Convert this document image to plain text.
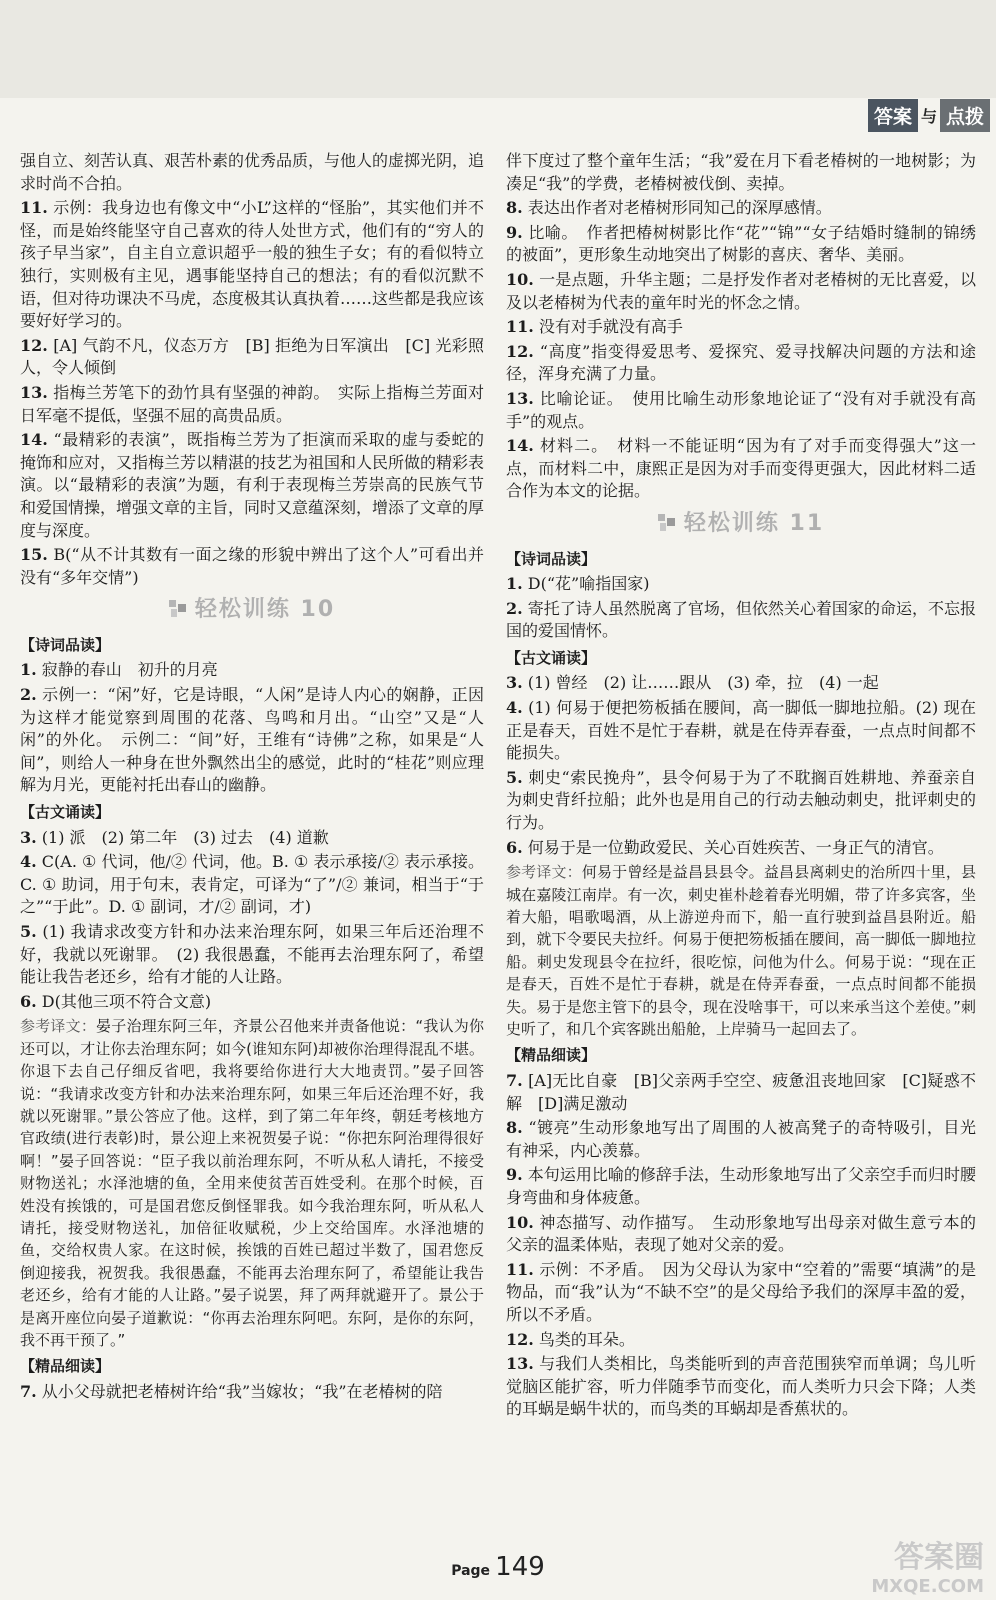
答案 与 点拨

强自立、刻苦认真、艰苦朴素的优秀品质，与他人的虚掷光阴，追求时尚不合拍。

11. 示例：我身边也有像文中“小L”这样的“怪胎”，其实他们并不怪，而是始终能坚守自己喜欢的待人处世方式，他们有的“穷人的孩子早当家”，自主自立意识超乎一般的独生子女；有的看似特立独行，实则极有主见，遇事能坚持自己的想法；有的看似沉默不语，但对待功课决不马虎，态度极其认真执着……这些都是我应该要好好学习的。

12. [A] 气韵不凡，仪态万方　[B] 拒绝为日军演出　[C] 光彩照人，令人倾倒

13. 指梅兰芳笔下的劲竹具有坚强的神韵。　实际上指梅兰芳面对日军毫不提低，坚强不屈的高贵品质。

14. “最精彩的表演”，既指梅兰芳为了拒演而采取的虚与委蛇的掩饰和应对，又指梅兰芳以精湛的技艺为祖国和人民所做的精彩表演。以“最精彩的表演”为题，有利于表现梅兰芳崇高的民族气节和爱国情操，增强文章的主旨，同时又意蕴深刻，增添了文章的厚度与深度。

15. B(“从不计其数有一面之缘的形貌中辨出了这个人”可看出并没有“多年交情”)

轻松训练 10
【诗词品读】

1. 寂静的春山　初升的月亮

2. 示例一：“闲”好，它是诗眼，“人闲”是诗人内心的娴静，正因为这样才能觉察到周围的花落、鸟鸣和月出。“山空”又是“人闲”的外化。　示例二：“间”好，王维有“诗佛”之称，如果是“人间”，则给人一种身在世外飘然出尘的感觉，此时的“桂花”则应理解为月光，更能衬托出春山的幽静。

【古文诵读】

3. (1) 派　(2) 第二年　(3) 过去　(4) 道歉

4. C(A. ① 代词，他/② 代词，他。B. ① 表示承接/② 表示承接。C. ① 助词，用于句末，表肯定，可译为“了”/② 兼词，相当于“于之”“于此”。D. ① 副词，才/② 副词，才)

5. (1) 我请求改变方针和办法来治理东阿，如果三年后还治理不好，我就以死谢罪。　(2) 我很愚蠢，不能再去治理东阿了，希望能让我告老还乡，给有才能的人让路。

6. D(其他三项不符合文意)

参考译文：晏子治理东阿三年，齐景公召他来并责备他说：“我认为你还可以，才让你去治理东阿；如今(谁知东阿)却被你治理得混乱不堪。你退下去自己仔细反省吧，我将要给你进行大大地责罚。”晏子回答说：“我请求改变方针和办法来治理东阿，如果三年后还治理不好，我就以死谢罪。”景公答应了他。这样，到了第二年年终，朝廷考核地方官政绩(进行表彰)时，景公迎上来祝贺晏子说：“你把东阿治理得很好啊！”晏子回答说：“臣子我以前治理东阿，不听从私人请托，不接受财物送礼；水泽池塘的鱼，全用来使贫苦百姓受利。在那个时候，百姓没有挨饿的，可是国君您反倒怪罪我。如今我治理东阿，听从私人请托，接受财物送礼，加倍征收赋税，少上交给国库。水泽池塘的鱼，交给权贵人家。在这时候，挨饿的百姓已超过半数了，国君您反倒迎接我，祝贺我。我很愚蠢，不能再去治理东阿了，希望能让我告老还乡，给有才能的人让路。”晏子说罢，拜了两拜就避开了。景公于是离开座位向晏子道歉说：“你再去治理东阿吧。东阿，是你的东阿，我不再干预了。”

【精品细读】

7. 从小父母就把老椿树许给“我”当嫁妆；“我”在老椿树的陪

伴下度过了整个童年生活；“我”爱在月下看老椿树的一地树影；为凑足“我”的学费，老椿树被伐倒、卖掉。

8. 表达出作者对老椿树形同知己的深厚感情。

9. 比喻。　作者把椿树树影比作“花”“锦”“女子结婚时缝制的锦绣的被面”，更形象生动地突出了树影的喜庆、奢华、美丽。

10. 一是点题，升华主题；二是抒发作者对老椿树的无比喜爱，以及以老椿树为代表的童年时光的怀念之情。

11. 没有对手就没有高手

12. “高度”指变得爱思考、爱探究、爱寻找解决问题的方法和途径，浑身充满了力量。

13. 比喻论证。　使用比喻生动形象地论证了“没有对手就没有高手”的观点。

14. 材料二。　材料一不能证明“因为有了对手而变得强大”这一点，而材料二中，康熙正是因为对手而变得更强大，因此材料二适合作为本文的论据。

轻松训练 11
【诗词品读】

1. D(“花”喻指国家)

2. 寄托了诗人虽然脱离了官场，但依然关心着国家的命运，不忘报国的爱国情怀。

【古文诵读】

3. (1) 曾经　(2) 让……跟从　(3) 牵，拉　(4) 一起

4. (1) 何易于便把笏板插在腰间，高一脚低一脚地拉船。(2) 现在正是春天，百姓不是忙于春耕，就是在侍弄春蚕，一点点时间都不能损失。

5. 刺史“索民挽舟”，县令何易于为了不耽搁百姓耕地、养蚕亲自为刺史背纤拉船；此外也是用自己的行动去触动刺史，批评刺史的行为。

6. 何易于是一位勤政爱民、关心百姓疾苦、一身正气的清官。

参考译文：何易于曾经是益昌县县令。益昌县离刺史的治所四十里，县城在嘉陵江南岸。有一次，刺史崔朴趁着春光明媚，带了许多宾客，坐着大船，唱歌喝酒，从上游逆舟而下，船一直行驶到益昌县附近。船到，就下令要民夫拉纤。何易于便把笏板插在腰间，高一脚低一脚地拉船。刺史发现县令在拉纤，很吃惊，问他为什么。何易于说：“现在正是春天，百姓不是忙于春耕，就是在侍弄春蚕，一点点时间都不能损失。易于是您主管下的县令，现在没啥事干，可以来承当这个差使。”刺史听了，和几个宾客跳出船舱，上岸骑马一起回去了。

【精品细读】

7. [A]无比自豪　[B]父亲两手空空、疲惫沮丧地回家　[C]疑惑不解　[D]满足激动

8. “镀亮”生动形象地写出了周围的人被高凳子的奇特吸引，目光有神采，内心羡慕。

9. 本句运用比喻的修辞手法，生动形象地写出了父亲空手而归时腰身弯曲和身体疲惫。

10. 神态描写、动作描写。　生动形象地写出母亲对做生意亏本的父亲的温柔体贴，表现了她对父亲的爱。

11. 示例：不矛盾。　因为父母认为家中“空着的”需要“填满”的是物品，而“我”认为“不缺不空”的是父母给予我们的深厚丰盈的爱，所以不矛盾。

12. 鸟类的耳朵。

13. 与我们人类相比，鸟类能听到的声音范围狭窄而单调；鸟儿听觉脑区能扩容，听力伴随季节而变化，而人类听力只会下降；人类的耳蜗是蜗牛状的，而鸟类的耳蜗却是香蕉状的。

Page 149	答案圈
MXQE.COM
